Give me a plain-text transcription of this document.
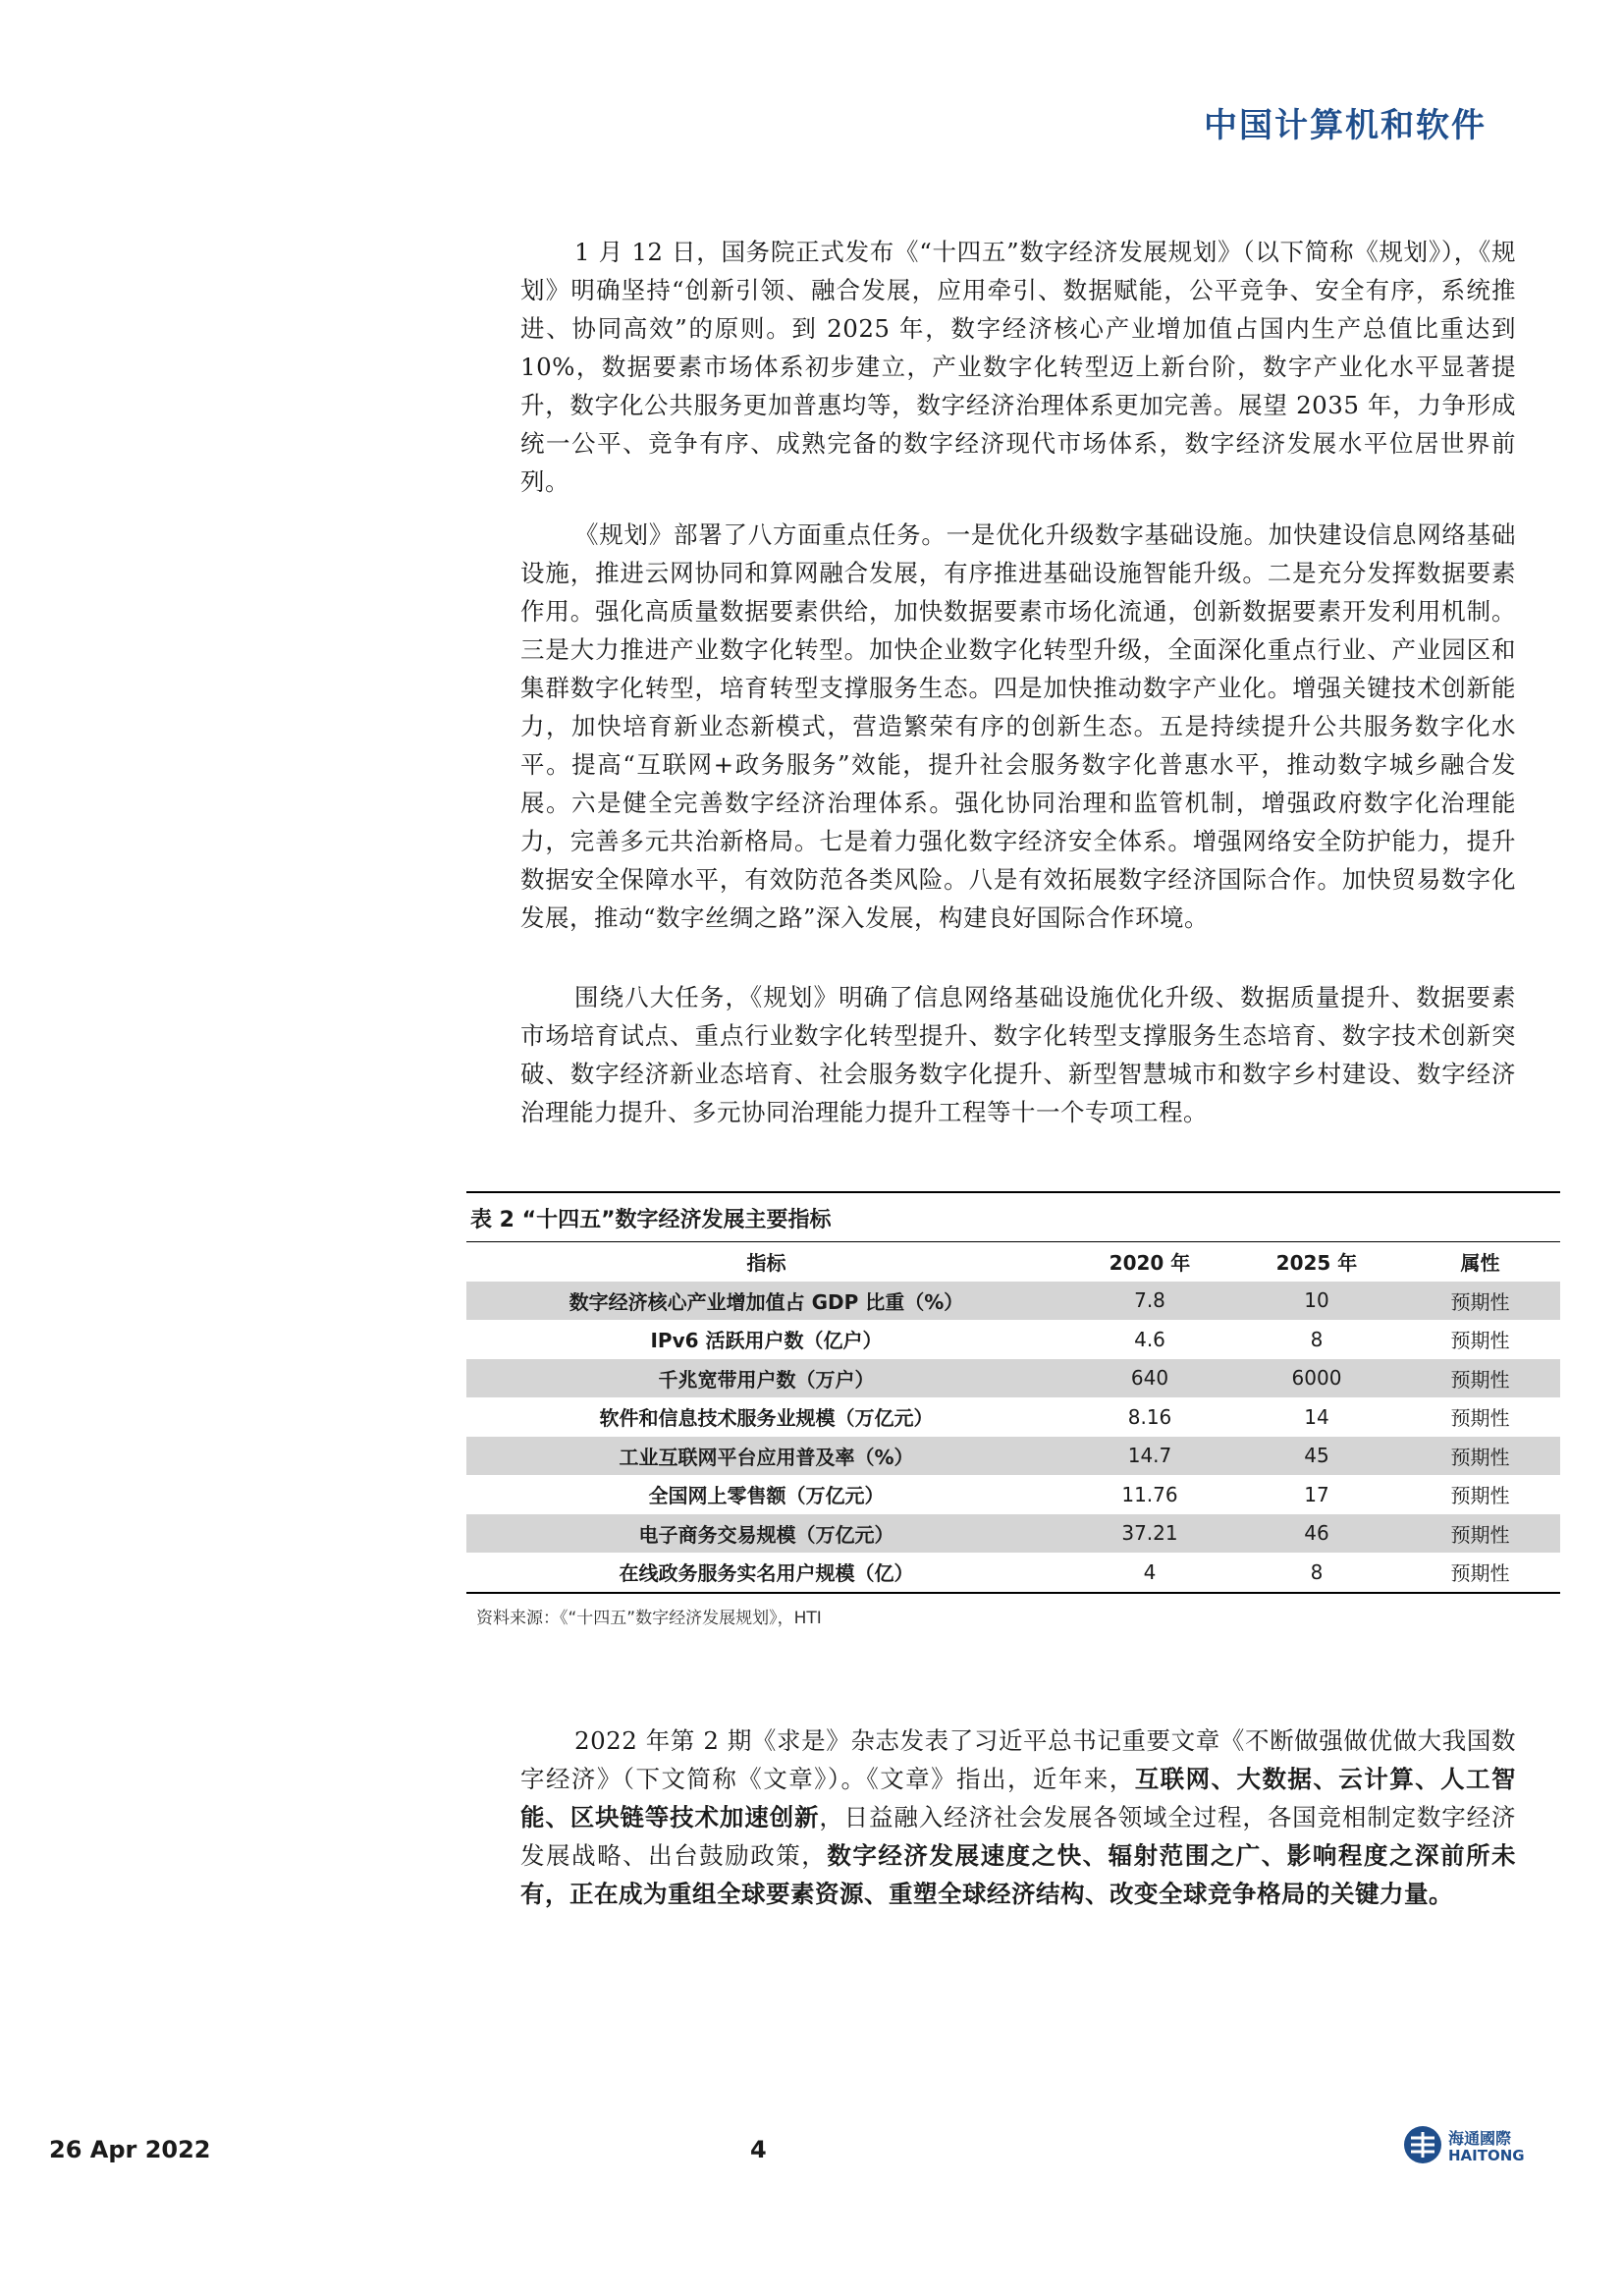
中国计算机和软件

1 月 12 日，国务院正式发布《“十四五”数字经济发展规划》（以下简称《规划》），《规划》明确坚持“创新引领、融合发展，应用牵引、数据赋能，公平竞争、安全有序，系统推进、协同高效”的原则。到 2025 年，数字经济核心产业增加值占国内生产总值比重达到 10%，数据要素市场体系初步建立，产业数字化转型迈上新台阶，数字产业化水平显著提升，数字化公共服务更加普惠均等，数字经济治理体系更加完善。展望 2035 年，力争形成统一公平、竞争有序、成熟完备的数字经济现代市场体系，数字经济发展水平位居世界前列。

《规划》部署了八方面重点任务。一是优化升级数字基础设施。加快建设信息网络基础设施，推进云网协同和算网融合发展，有序推进基础设施智能升级。二是充分发挥数据要素作用。强化高质量数据要素供给，加快数据要素市场化流通，创新数据要素开发利用机制。三是大力推进产业数字化转型。加快企业数字化转型升级，全面深化重点行业、产业园区和集群数字化转型，培育转型支撑服务生态。四是加快推动数字产业化。增强关键技术创新能力，加快培育新业态新模式，营造繁荣有序的创新生态。五是持续提升公共服务数字化水平。提高“互联网+政务服务”效能，提升社会服务数字化普惠水平，推动数字城乡融合发展。六是健全完善数字经济治理体系。强化协同治理和监管机制，增强政府数字化治理能力，完善多元共治新格局。七是着力强化数字经济安全体系。增强网络安全防护能力，提升数据安全保障水平，有效防范各类风险。八是有效拓展数字经济国际合作。加快贸易数字化发展，推动“数字丝绸之路”深入发展，构建良好国际合作环境。

围绕八大任务，《规划》明确了信息网络基础设施优化升级、数据质量提升、数据要素市场培育试点、重点行业数字化转型提升、数字化转型支撑服务生态培育、数字技术创新突破、数字经济新业态培育、社会服务数字化提升、新型智慧城市和数字乡村建设、数字经济治理能力提升、多元协同治理能力提升工程等十一个专项工程。

表 2 “十四五”数字经济发展主要指标
指标	2020 年	2025 年	属性
数字经济核心产业增加值占 GDP 比重（%）	7.8	10	预期性
IPv6 活跃用户数（亿户）	4.6	8	预期性
千兆宽带用户数（万户）	640	6000	预期性
软件和信息技术服务业规模（万亿元）	8.16	14	预期性
工业互联网平台应用普及率（%）	14.7	45	预期性
全国网上零售额（万亿元）	11.76	17	预期性
电子商务交易规模（万亿元）	37.21	46	预期性
在线政务服务实名用户规模（亿）	4	8	预期性
资料来源：《“十四五”数字经济发展规划》，HTI

2022 年第 2 期《求是》杂志发表了习近平总书记重要文章《不断做强做优做大我国数字经济》（下文简称《文章》）。《文章》指出，近年来，互联网、大数据、云计算、人工智能、区块链等技术加速创新，日益融入经济社会发展各领域全过程，各国竞相制定数字经济发展战略、出台鼓励政策，数字经济发展速度之快、辐射范围之广、影响程度之深前所未有，正在成为重组全球要素资源、重塑全球经济结构、改变全球竞争格局的关键力量。

26 Apr 2022	4	海通國際
HAITONG
